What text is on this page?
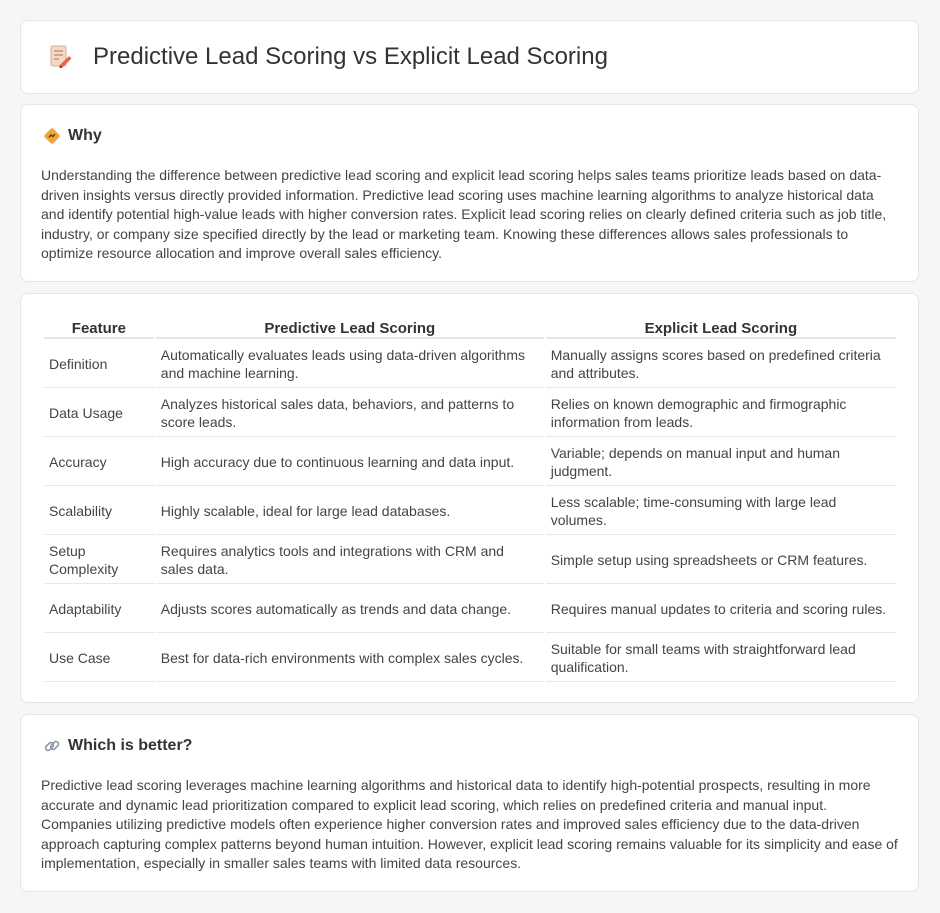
Predictive Lead Scoring vs Explicit Lead Scoring
Why

Understanding the difference between predictive lead scoring and explicit lead scoring helps sales teams prioritize leads based on data-driven insights versus directly provided information. Predictive lead scoring uses machine learning algorithms to analyze historical data and identify potential high-value leads with higher conversion rates. Explicit lead scoring relies on clearly defined criteria such as job title, industry, or company size specified directly by the lead or marketing team. Knowing these differences allows sales professionals to optimize resource allocation and improve overall sales efficiency.

Feature	Predictive Lead Scoring	Explicit Lead Scoring
Definition	Automatically evaluates leads using data-driven algorithms and machine learning.	Manually assigns scores based on predefined criteria and attributes.
Data Usage	Analyzes historical sales data, behaviors, and patterns to score leads.	Relies on known demographic and firmographic information from leads.
Accuracy	High accuracy due to continuous learning and data input.	Variable; depends on manual input and human judgment.
Scalability	Highly scalable, ideal for large lead databases.	Less scalable; time-consuming with large lead volumes.
Setup Complexity	Requires analytics tools and integrations with CRM and sales data.	Simple setup using spreadsheets or CRM features.
Adaptability	Adjusts scores automatically as trends and data change.	Requires manual updates to criteria and scoring rules.
Use Case	Best for data-rich environments with complex sales cycles.	Suitable for small teams with straightforward lead qualification.
Which is better?

Predictive lead scoring leverages machine learning algorithms and historical data to identify high-potential prospects, resulting in more accurate and dynamic lead prioritization compared to explicit lead scoring, which relies on predefined criteria and manual input. Companies utilizing predictive models often experience higher conversion rates and improved sales efficiency due to the data-driven approach capturing complex patterns beyond human intuition. However, explicit lead scoring remains valuable for its simplicity and ease of implementation, especially in smaller sales teams with limited data resources.
